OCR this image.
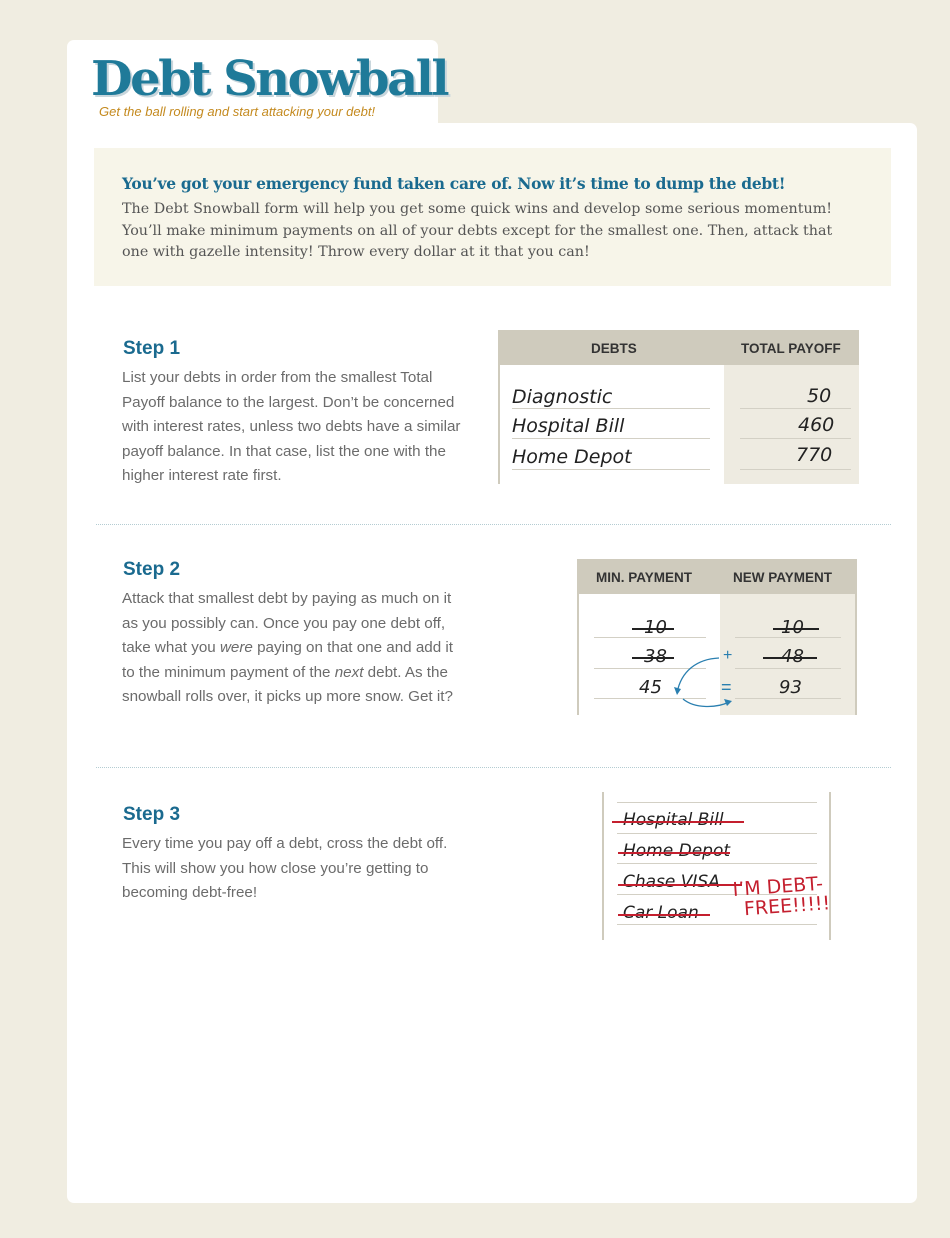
Debt Snowball
Get the ball rolling and start attacking your debt!

You’ve got your emergency fund taken care of. Now it’s time to dump the debt!

The Debt Snowball form will help you get some quick wins and develop some serious momentum! You’ll make minimum payments on all of your debts except for the smallest one. Then, attack that one with gazelle intensity! Throw every dollar at it that you can!

Step 1

List your debts in order from the smallest Total Payoff balance to the largest. Don’t be concerned with interest rates, unless two debts have a similar payoff balance. In that case, list the one with the higher interest rate first.

DEBTS	TOTAL PAYOFF
Diagnostic
Hospital Bill
Home Depot
50
460
770
Step 2

Attack that smallest debt by paying as much on it as you possibly can. Once you pay one debt off, take what you were paying on that one and add it to the minimum payment of the next debt. As the snowball rolls over, it picks up more snow. Get it?

MIN. PAYMENT	NEW PAYMENT
10
38
45
10
48
93
+
=
Step 3

Every time you pay off a debt, cross the debt off. This will show you how close you’re getting to becoming debt-free!

Hospital Bill
Home Depot
Chase VISA
Car Loan
I’M DEBT-
FREE!!!!!
